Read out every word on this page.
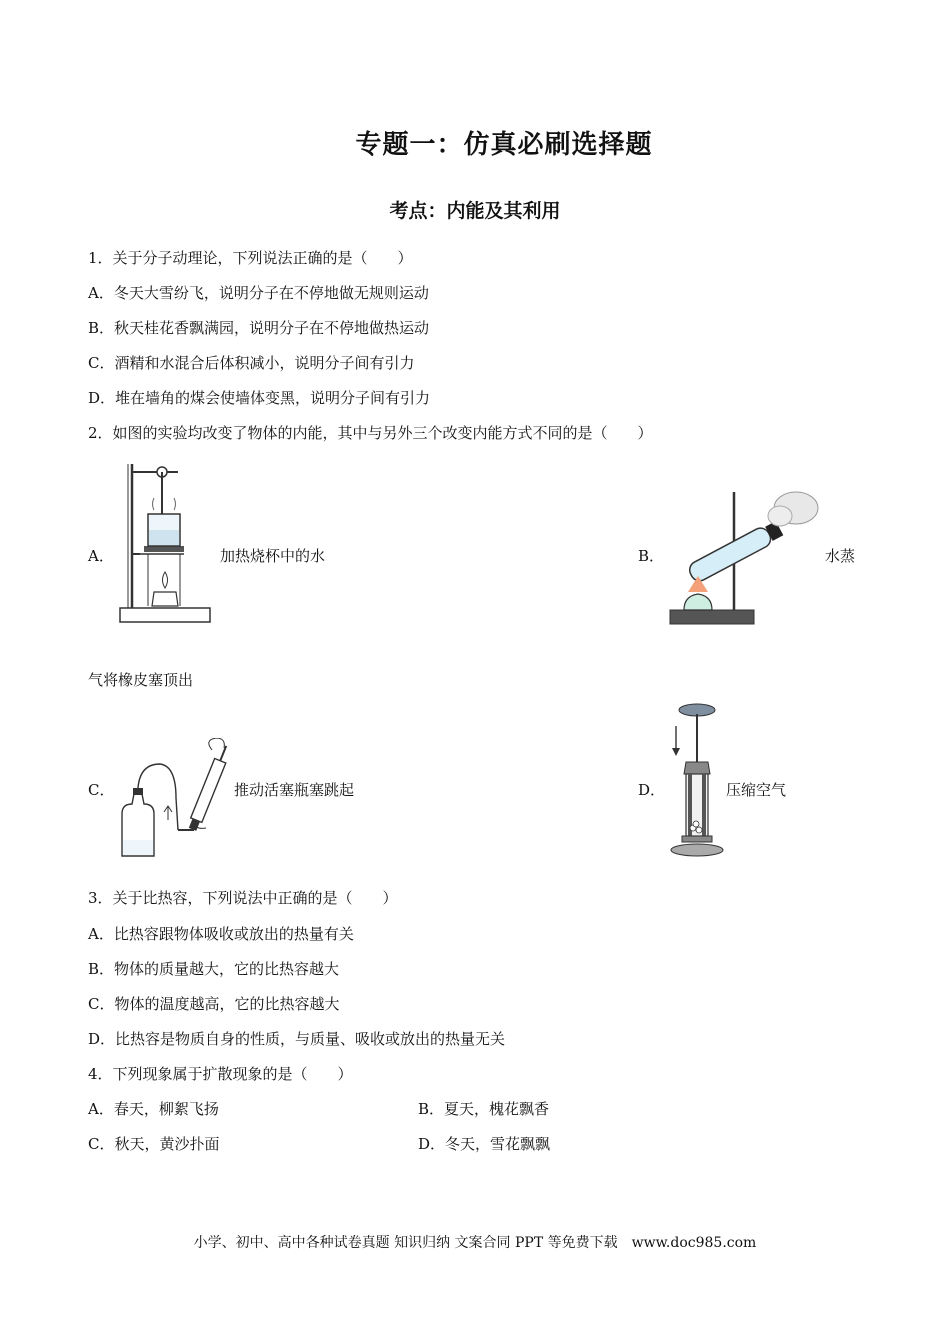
专题一：仿真必刷选择题
考点：内能及其利用
1．关于分子动理论，下列说法正确的是（　　）
A．冬天大雪纷飞，说明分子在不停地做无规则运动
B．秋天桂花香飘满园，说明分子在不停地做热运动
C．酒精和水混合后体积减小，说明分子间有引力
D．堆在墙角的煤会使墙体变黑，说明分子间有引力
2．如图的实验均改变了物体的内能，其中与另外三个改变内能方式不同的是（　　）
A．	加热烧杯中的水	B．	水蒸
气将橡皮塞顶出
C．	推动活塞瓶塞跳起	D．	压缩空气
3．关于比热容，下列说法中正确的是（　　）
A．比热容跟物体吸收或放出的热量有关
B．物体的质量越大，它的比热容越大
C．物体的温度越高，它的比热容越大
D．比热容是物质自身的性质，与质量、吸收或放出的热量无关
4．下列现象属于扩散现象的是（　　）
A．春天，柳絮飞扬	B．夏天，槐花飘香
C．秋天，黄沙扑面	D．冬天，雪花飘飘
小学、初中、高中各种试卷真题 知识归纳 文案合同 PPT 等免费下载　www.doc985.com
